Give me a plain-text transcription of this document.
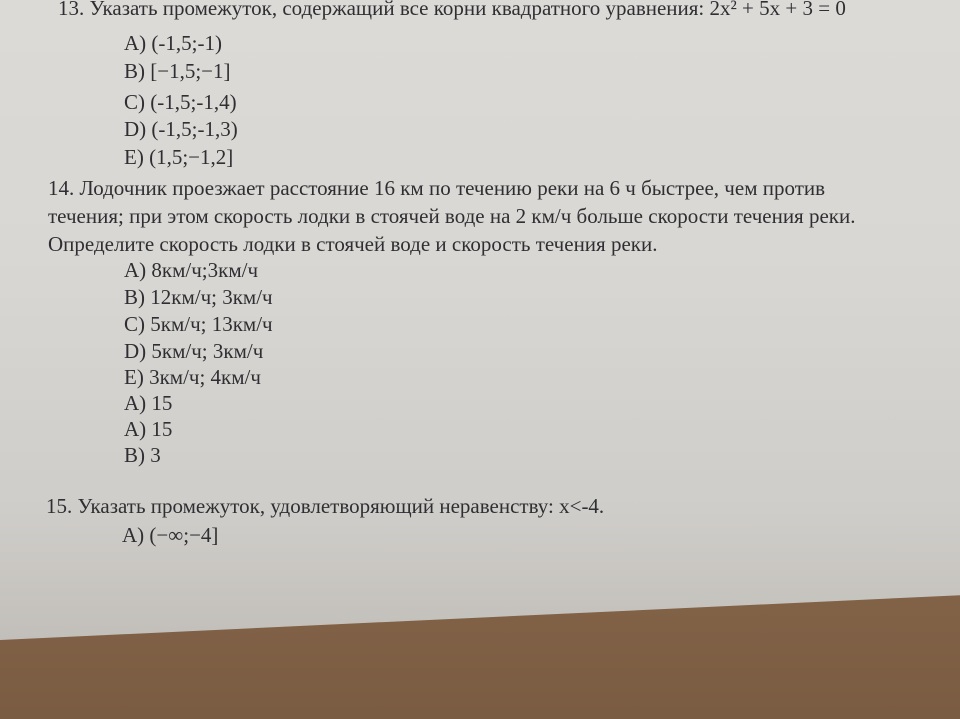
13. Указать промежуток, содержащий все корни квадратного уравнения: 2x² + 5x + 3 = 0
A) (-1,5;-1)
B) [−1,5;−1]
C) (-1,5;-1,4)
D) (-1,5;-1,3)
E) (1,5;−1,2]
14. Лодочник проезжает расстояние 16 км по течению реки на 6 ч быстрее, чем против
течения; при этом скорость лодки в стоячей воде на 2 км/ч больше скорости течения реки.
Определите скорость лодки в стоячей воде и скорость течения реки.
A) 8км/ч;3км/ч
B) 12км/ч; 3км/ч
C) 5км/ч; 13км/ч
D) 5км/ч; 3км/ч
E) 3км/ч; 4км/ч
A) 15
A) 15
B) 3
15. Указать промежуток, удовлетворяющий неравенству: x<-4.
A) (−∞;−4]
